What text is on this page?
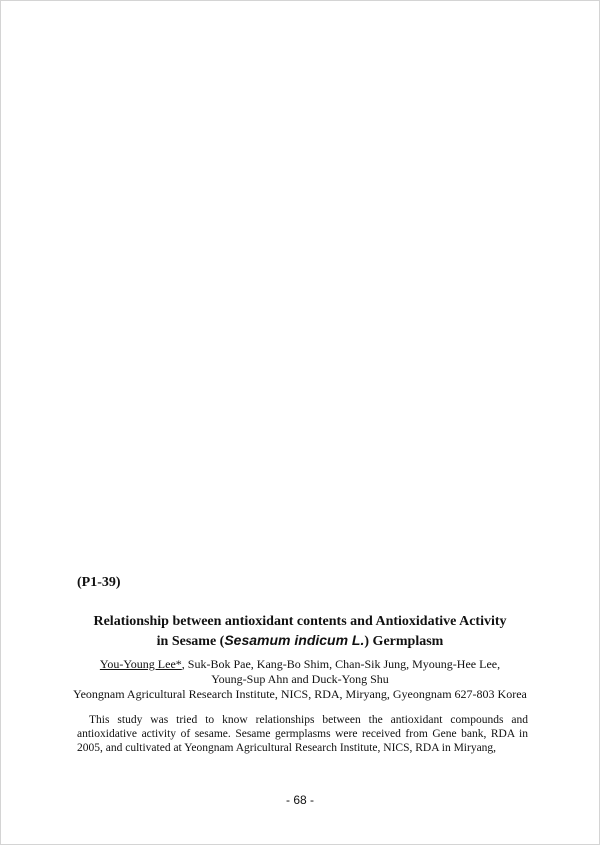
(P1-39)
Relationship between antioxidant contents and Antioxidative Activity
in Sesame (Sesamum indicum L.) Germplasm
You-Young Lee*, Suk-Bok Pae, Kang-Bo Shim, Chan-Sik Jung, Myoung-Hee Lee,
Young-Sup Ahn and Duck-Yong Shu
Yeongnam Agricultural Research Institute, NICS, RDA, Miryang, Gyeongnam 627-803 Korea

This study was tried to know relationships between the antioxidant compounds and antioxidative activity of sesame. Sesame germplasms were received from Gene bank, RDA in 2005, and cultivated at Yeongnam Agricultural Research Institute, NICS, RDA in Miryang,

- 68 -
